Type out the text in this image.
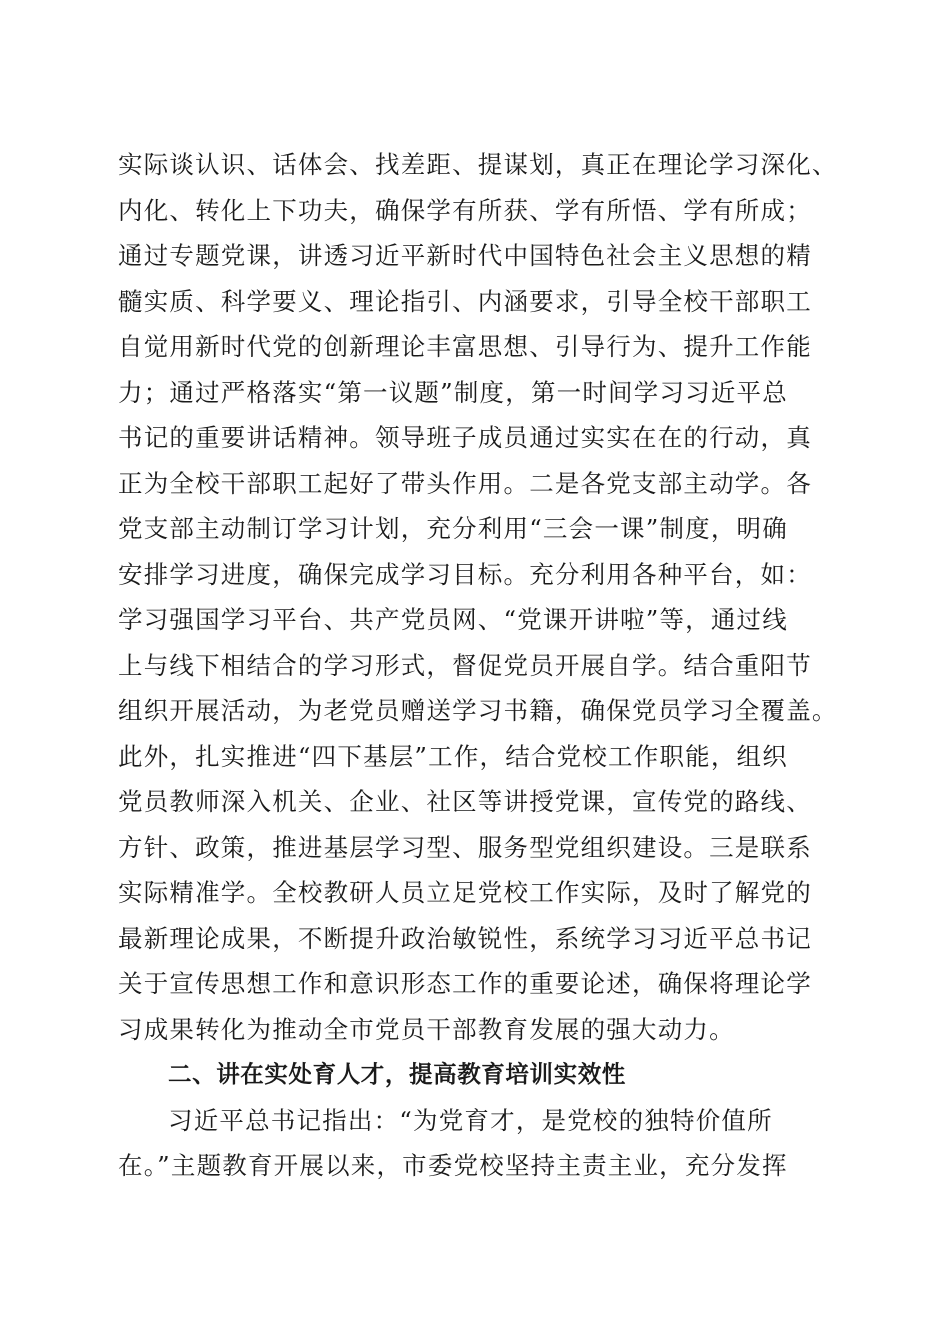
实际谈认识、话体会、找差距、提谋划，真正在理论学习深化、
内化、转化上下功夫，确保学有所获、学有所悟、学有所成；
通过专题党课，讲透习近平新时代中国特色社会主义思想的精
髓实质、科学要义、理论指引、内涵要求，引导全校干部职工
自觉用新时代党的创新理论丰富思想、引导行为、提升工作能
力；通过严格落实“第一议题”制度，第一时间学习习近平总
书记的重要讲话精神。领导班子成员通过实实在在的行动，真
正为全校干部职工起好了带头作用。二是各党支部主动学。各
党支部主动制订学习计划，充分利用“三会一课”制度，明确
安排学习进度，确保完成学习目标。充分利用各种平台，如：
学习强国学习平台、共产党员网、“党课开讲啦”等，通过线
上与线下相结合的学习形式，督促党员开展自学。结合重阳节
组织开展活动，为老党员赠送学习书籍，确保党员学习全覆盖。
此外，扎实推进“四下基层”工作，结合党校工作职能，组织
党员教师深入机关、企业、社区等讲授党课，宣传党的路线、
方针、政策，推进基层学习型、服务型党组织建设。三是联系
实际精准学。全校教研人员立足党校工作实际，及时了解党的
最新理论成果，不断提升政治敏锐性，系统学习习近平总书记
关于宣传思想工作和意识形态工作的重要论述，确保将理论学
习成果转化为推动全市党员干部教育发展的强大动力。
二、讲在实处育人才，提高教育培训实效性
习近平总书记指出：“为党育才，是党校的独特价值所
在。”主题教育开展以来，市委党校坚持主责主业，充分发挥
